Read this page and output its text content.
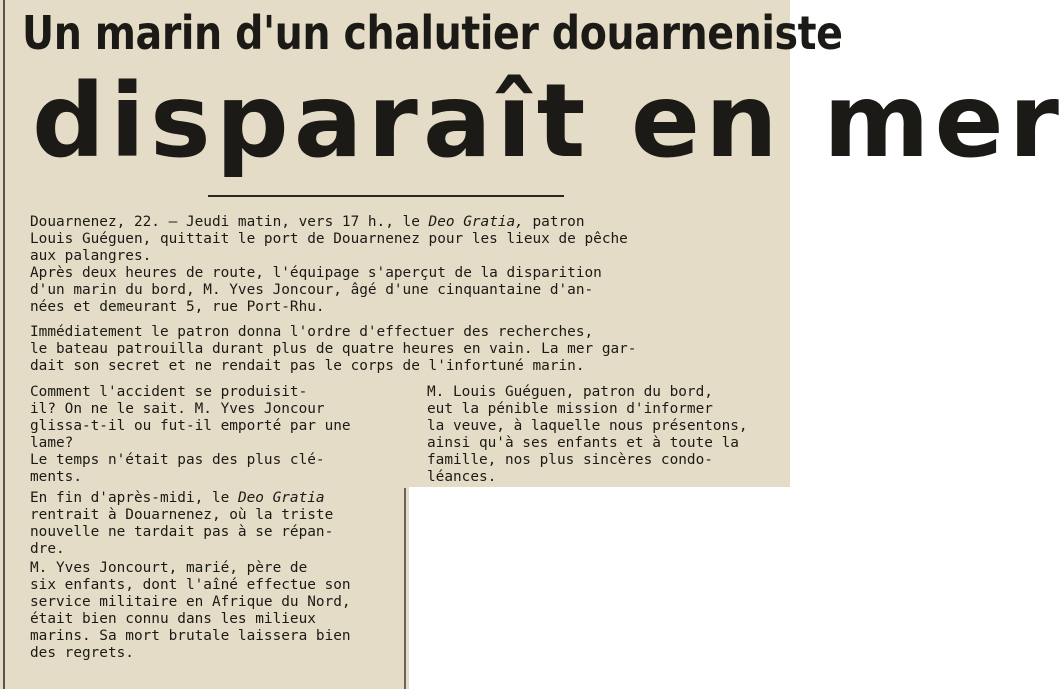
Un marin d'un chalutier douarneniste
disparaît en mer

Douarnenez, 22. — Jeudi matin, vers 17 h., le Deo Gratia, patron
Louis Guéguen, quittait le port de Douarnenez pour les lieux de pêche
aux palangres.

Après deux heures de route, l'équipage s'aperçut de la disparition
d'un marin du bord, M. Yves Joncour, âgé d'une cinquantaine d'an-
nées et demeurant 5, rue Port-Rhu.

Immédiatement le patron donna l'ordre d'effectuer des recherches,
le bateau patrouilla durant plus de quatre heures en vain. La mer gar-
dait son secret et ne rendait pas le corps de l'infortuné marin.

Comment l'accident se produisit-
il? On ne le sait. M. Yves Joncour
glissa-t-il ou fut-il emporté par une
lame?

Le temps n'était pas des plus clé-
ments.

En fin d'après-midi, le Deo Gratia
rentrait à Douarnenez, où la triste
nouvelle ne tardait pas à se répan-
dre.

M. Yves Joncourt, marié, père de
six enfants, dont l'aîné effectue son
service militaire en Afrique du Nord,
était bien connu dans les milieux
marins. Sa mort brutale laissera bien
des regrets.

M. Louis Guéguen, patron du bord,
eut la pénible mission d'informer
la veuve, à laquelle nous présentons,
ainsi qu'à ses enfants et à toute la
famille, nos plus sincères condo-
léances.
